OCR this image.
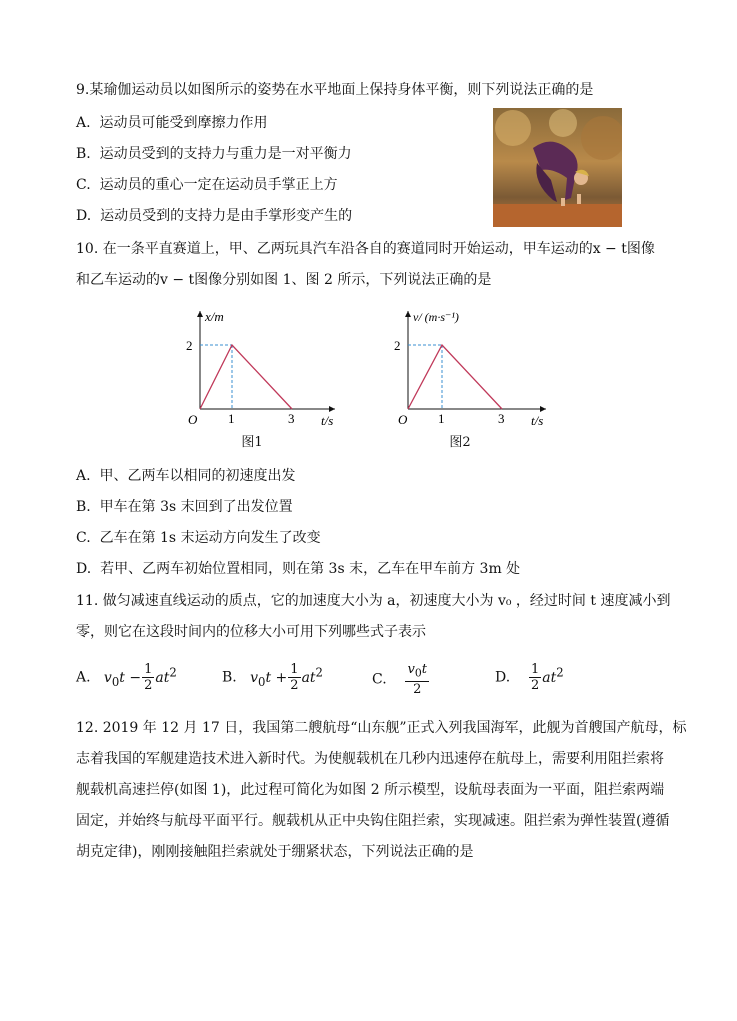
9.某瑜伽运动员以如图所示的姿势在水平地面上保持身体平衡，则下列说法正确的是
A. 运动员可能受到摩擦力作用
B. 运动员受到的支持力与重力是一对平衡力
C. 运动员的重心一定在运动员手掌正上方
D. 运动员受到的支持力是由手掌形变产生的
10. 在一条平直赛道上，甲、乙两玩具汽车沿各自的赛道同时开始运动，甲车运动的x − t图像
和乙车运动的v − t图像分别如图 1、图 2 所示，下列说法正确的是
x/m
2
O 1	3 t/s
图1
v/ (m·s⁻¹)
2
O 1	3 t/s
图2
A. 甲、乙两车以相同的初速度出发
B. 甲车在第 3s 末回到了出发位置
C. 乙车在第 1s 末运动方向发生了改变
D. 若甲、乙两车初始位置相同，则在第 3s 末，乙车在甲车前方 3m 处
11. 做匀减速直线运动的质点，它的加速度大小为 a，初速度大小为 v₀ ，经过时间 t 速度减小到
零，则它在这段时间内的位移大小可用下列哪些式子表示
A. $v_0t - \frac{1}{2} at^2$	B. $v_0t + \frac{1}{2} at^2$	C. $\frac{v_0t}{2}$	D. $\frac{1}{2} at^2$
12. 2019 年 12 月 17 日，我国第二艘航母“山东舰”正式入列我国海军，此舰为首艘国产航母，标
志着我国的军舰建造技术进入新时代。为使舰载机在几秒内迅速停在航母上，需要利用阻拦索将
舰载机高速拦停(如图 1)，此过程可简化为如图 2 所示模型，设航母表面为一平面，阻拦索两端
固定，并始终与航母平面平行。舰载机从正中央钩住阻拦索，实现减速。阻拦索为弹性装置(遵循
胡克定律)，刚刚接触阻拦索就处于绷紧状态，下列说法正确的是
